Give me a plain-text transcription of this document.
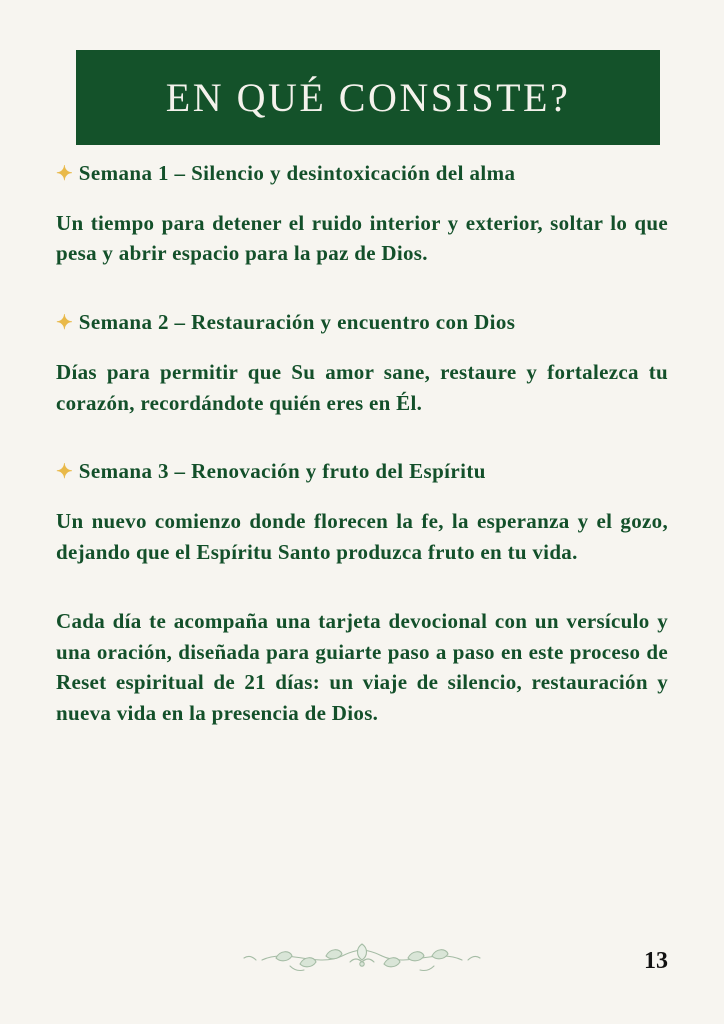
EN QUÉ CONSISTE?

✦ Semana 1 – Silencio y desintoxicación del alma

Un tiempo para detener el ruido interior y exterior, soltar lo que pesa y abrir espacio para la paz de Dios.

✦ Semana 2 – Restauración y encuentro con Dios

Días para permitir que Su amor sane, restaure y fortalezca tu corazón, recordándote quién eres en Él.

✦ Semana 3 – Renovación y fruto del Espíritu

Un nuevo comienzo donde florecen la fe, la esperanza y el gozo, dejando que el Espíritu Santo produzca fruto en tu vida.

Cada día te acompaña una tarjeta devocional con un versículo y una oración, diseñada para guiarte paso a paso en este proceso de Reset espiritual de 21 días: un viaje de silencio, restauración y nueva vida en la presencia de Dios.

13
